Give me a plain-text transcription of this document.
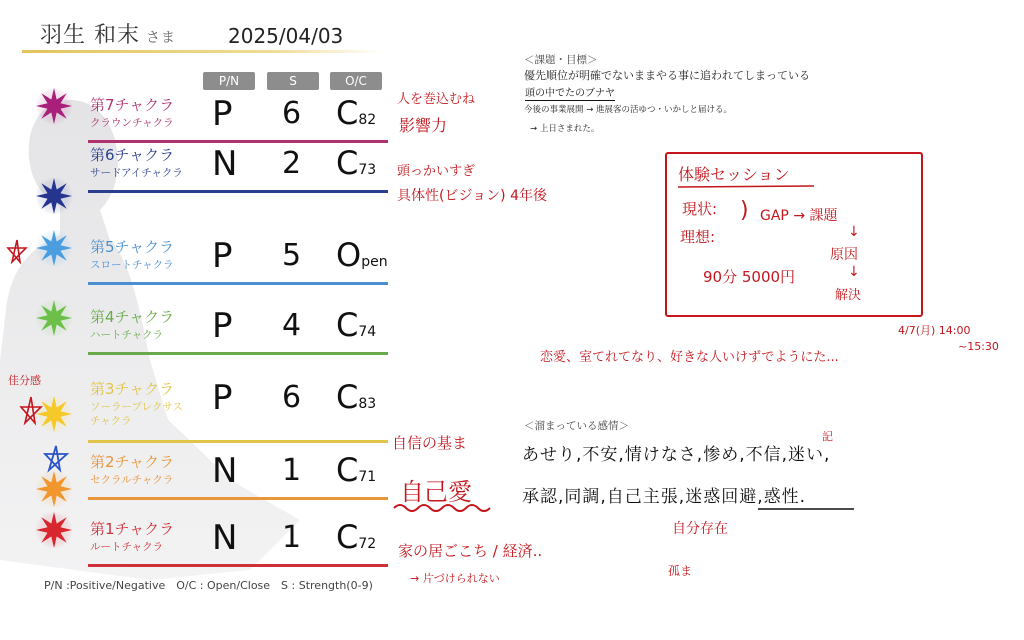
羽生 和末 さま	2025/04/03
P/N	S	O/C
第7チャクラ
クラウンチャクラ P 6 C82
第6チャクラ
サードアイチャクラ N 2 C73
第5チャクラ
スロートチャクラ P 5 Open
第4チャクラ
ハートチャクラ P 4 C74
第3チャクラ
ソーラープレクサス
チャクラ
P 6 C83
第2チャクラ
セクラルチャクラ N 1 C71
第1チャクラ
ルートチャクラ N 1 C72
P/N :Positive/Negative　O/C : Open/Close　S : Strength(0-9)
＜課題・目標＞
優先順位が明確でないままやる事に追われてしまっている
頭の中でたのブナヤ
今後の事業展開 → 進展客の活ゆつ・いかしと届ける。
→ 上日さまれた。
人を巻込むね
影響力
頭っかいすぎ
具体性(ビジョン) 4年後
佳分感
自信の基ま
自己愛
家の居ごこち / 経済..
→ 片づけられない
体験セッション
現状:
理想:
) GAP → 課題
↓
原因
↓
解決
90分 5000円
4/7(月) 14:00
~15:30
恋愛、室てれてなり、好きな人いけずでようにた...
＜溜まっている感情＞
あせり,不安,情けなさ,惨め,不信,迷い,
記
承認,同調,自己主張,迷惑回避,惑性.
自分存在
孤ま
